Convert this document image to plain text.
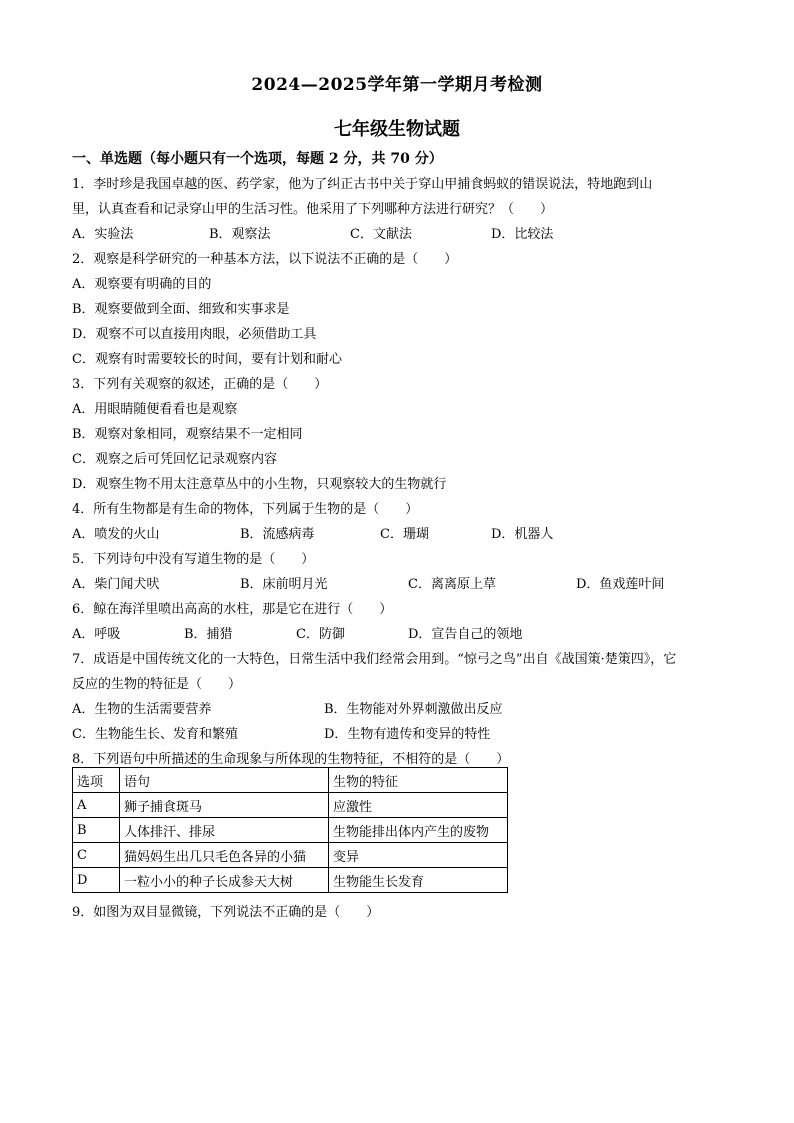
2024—2025学年第一学期月考检测
七年级生物试题
一、单选题（每小题只有一个选项，每题 2 分，共 70 分）
1．李时珍是我国卓越的医、药学家，他为了纠正古书中关于穿山甲捕食蚂蚁的错误说法，特地跑到山
里，认真查看和记录穿山甲的生活习性。他采用了下列哪种方法进行研究？（　　）
A．实验法	B．观察法	C．文献法	D．比较法
2．观察是科学研究的一种基本方法，以下说法不正确的是（　　）
A．观察要有明确的目的
B．观察要做到全面、细致和实事求是
D．观察不可以直接用肉眼，必须借助工具
C．观察有时需要较长的时间，要有计划和耐心
3．下列有关观察的叙述，正确的是（　　）
A．用眼睛随便看看也是观察
B．观察对象相同，观察结果不一定相同
C．观察之后可凭回忆记录观察内容
D．观察生物不用太注意草丛中的小生物，只观察较大的生物就行
4．所有生物都是有生命的物体，下列属于生物的是（　　）
A．喷发的火山	B．流感病毒	C．珊瑚	D．机器人
5．下列诗句中没有写道生物的是（　　）
A．柴门闻犬吠	B．床前明月光	C．离离原上草	D．鱼戏莲叶间
6．鲸在海洋里喷出高高的水柱，那是它在进行（　　）
A．呼吸	B．捕猎	C．防御	D．宣告自己的领地
7．成语是中国传统文化的一大特色，日常生活中我们经常会用到。“惊弓之鸟”出自《战国策·楚策四》，它
反应的生物的特征是（　　）
A．生物的生活需要营养	B．生物能对外界刺激做出反应
C．生物能生长、发育和繁殖	D．生物有遗传和变异的特性
8．下列语句中所描述的生命现象与所体现的生物特征，不相符的是（　　）
选项	语句	生物的特征
A	狮子捕食斑马	应激性
B	人体排汗、排尿	生物能排出体内产生的废物
C	猫妈妈生出几只毛色各异的小猫	变异
D	一粒小小的种子长成参天大树	生物能生长发育
9．如图为双目显微镜，下列说法不正确的是（　　）
